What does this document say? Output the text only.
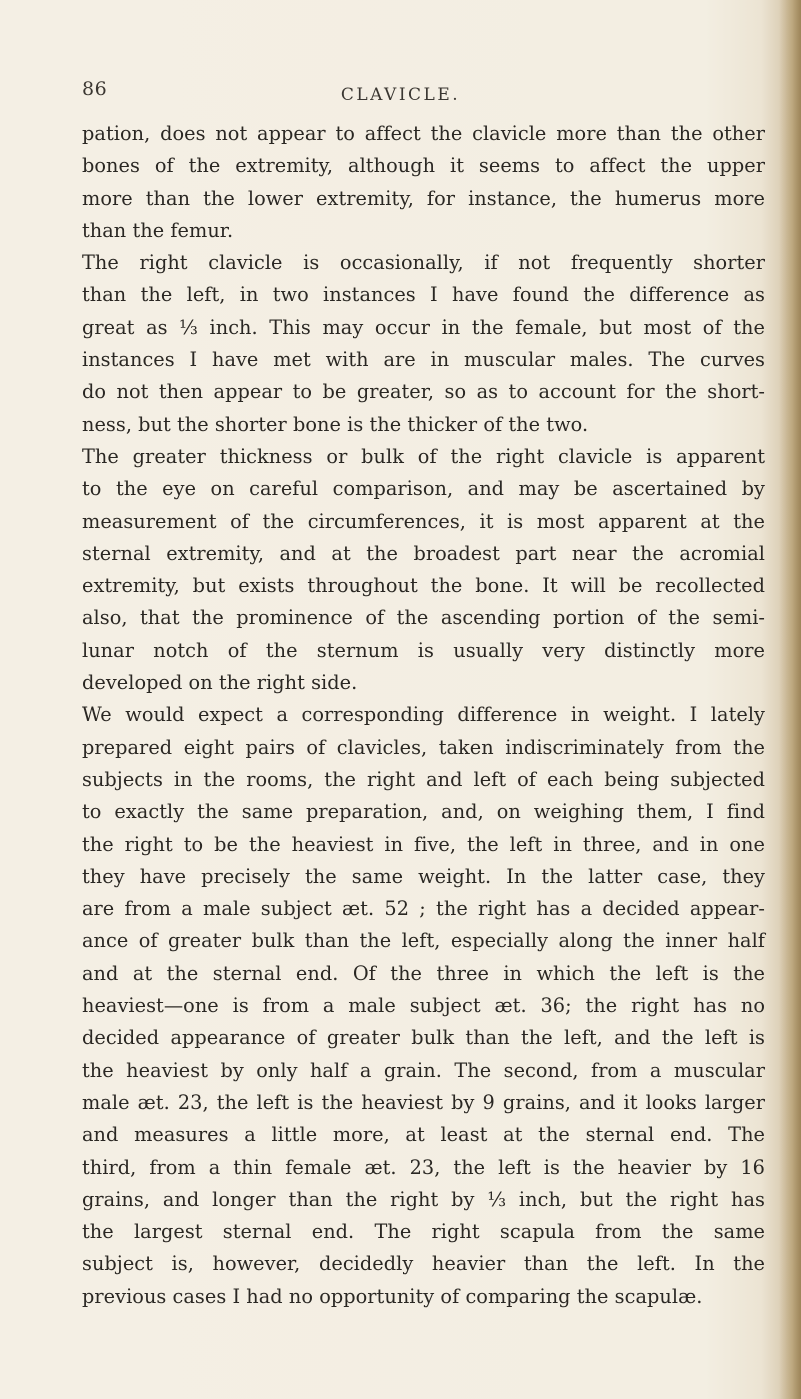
86	CLAVICLE.
pation, does not appear to affect the clavicle more than the other
bones of the extremity, although it seems to affect the upper
more than the lower extremity, for instance, the humerus more
than the femur.
The right clavicle is occasionally, if not frequently shorter
than the left, in two instances I have found the difference as
great as ⅓ inch. This may occur in the female, but most of the
instances I have met with are in muscular males. The curves
do not then appear to be greater, so as to account for the short-
ness, but the shorter bone is the thicker of the two.
The greater thickness or bulk of the right clavicle is apparent
to the eye on careful comparison, and may be ascertained by
measurement of the circumferences, it is most apparent at the
sternal extremity, and at the broadest part near the acromial
extremity, but exists throughout the bone. It will be recollected
also, that the prominence of the ascending portion of the semi-
lunar notch of the sternum is usually very distinctly more
developed on the right side.
We would expect a corresponding difference in weight. I lately
prepared eight pairs of clavicles, taken indiscriminately from the
subjects in the rooms, the right and left of each being subjected
to exactly the same preparation, and, on weighing them, I find
the right to be the heaviest in five, the left in three, and in one
they have precisely the same weight. In the latter case, they
are from a male subject æt. 52 ; the right has a decided appear-
ance of greater bulk than the left, especially along the inner half
and at the sternal end. Of the three in which the left is the
heaviest—one is from a male subject æt. 36; the right has no
decided appearance of greater bulk than the left, and the left is
the heaviest by only half a grain. The second, from a muscular
male æt. 23, the left is the heaviest by 9 grains, and it looks larger
and measures a little more, at least at the sternal end. The
third, from a thin female æt. 23, the left is the heavier by 16
grains, and longer than the right by ⅓ inch, but the right has
the largest sternal end. The right scapula from the same
subject is, however, decidedly heavier than the left. In the
previous cases I had no opportunity of comparing the scapulæ.
